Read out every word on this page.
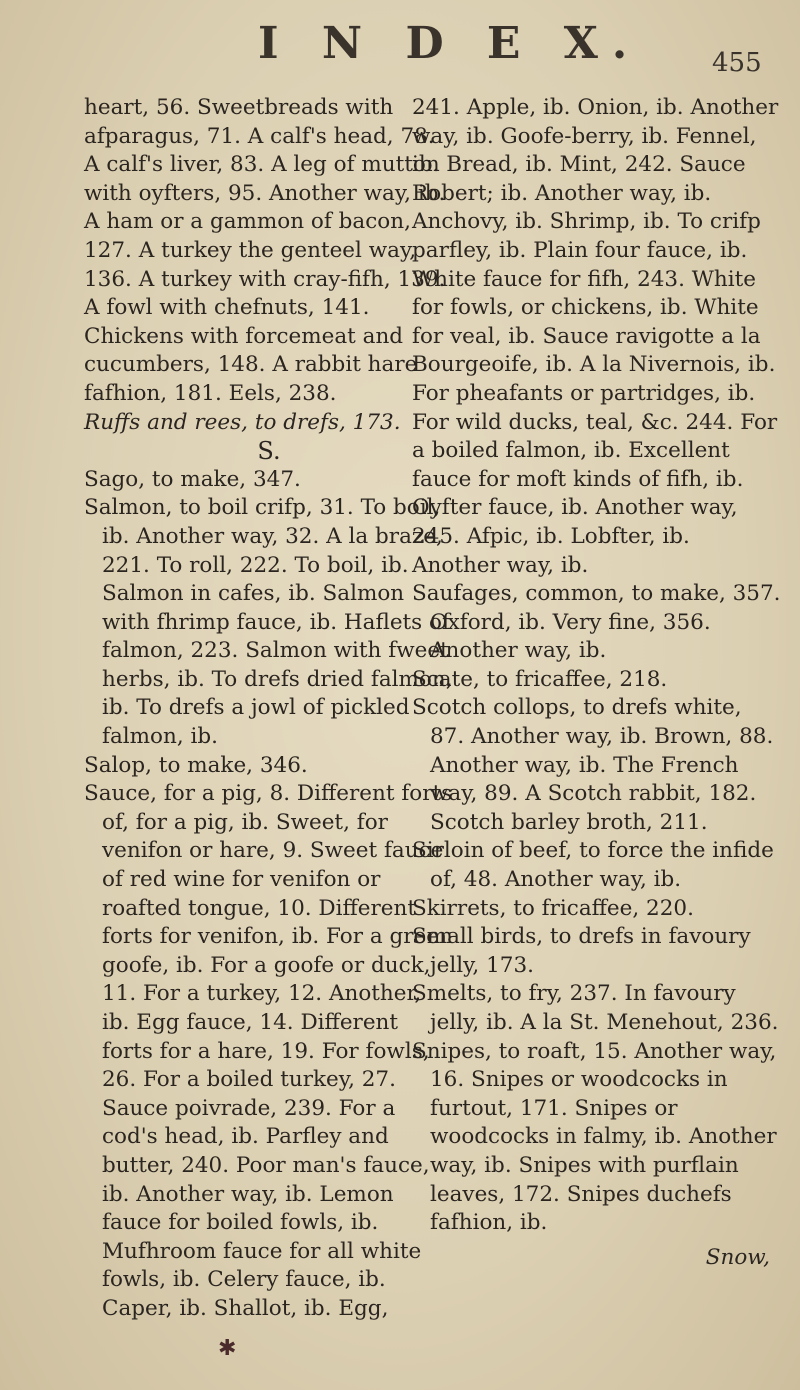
I N D E X.	455

heart, 56. Sweetbreads with afparagus, 71. A calf's head, 78. A calf's liver, 83. A leg of mutton with oyfters, 95. Another way, ib. A ham or a gammon of bacon, 127. A turkey the genteel way, 136. A turkey with cray-fifh, 139. A fowl with chefnuts, 141. Chickens with forcemeat and cucumbers, 148. A rabbit hare fafhion, 181. Eels, 238.

Ruffs and rees, to drefs, 173.

S.

Sago, to make, 347.

Salmon, to boil crifp, 31. To boil, ib. Another way, 32. A la braze, 221. To roll, 222. To boil, ib. Salmon in cafes, ib. Salmon with fhrimp fauce, ib. Haflets of falmon, 223. Salmon with fweet herbs, ib. To drefs dried falmon, ib. To drefs a jowl of pickled falmon, ib.

Salop, to make, 346.

Sauce, for a pig, 8. Different forts of, for a pig, ib. Sweet, for venifon or hare, 9. Sweet fauce of red wine for venifon or roafted tongue, 10. Different forts for venifon, ib. For a green goofe, ib. For a goofe or duck, 11. For a turkey, 12. Another, ib. Egg fauce, 14. Different forts for a hare, 19. For fowls, 26. For a boiled turkey, 27. Sauce poivrade, 239. For a cod's head, ib. Parfley and butter, 240. Poor man's fauce, ib. Another way, ib. Lemon fauce for boiled fowls, ib. Mufhroom fauce for all white fowls, ib. Celery fauce, ib. Caper, ib. Shallot, ib. Egg,

241. Apple, ib. Onion, ib. Another way, ib. Goofe-berry, ib. Fennel, ib. Bread, ib. Mint, 242. Sauce Robert; ib. Another way, ib. Anchovy, ib. Shrimp, ib. To crifp parfley, ib. Plain four fauce, ib. White fauce for fifh, 243. White for fowls, or chickens, ib. White for veal, ib. Sauce ravigotte a la Bourgeoife, ib. A la Nivernois, ib. For pheafants or partridges, ib. For wild ducks, teal, &c. 244. For a boiled falmon, ib. Excellent fauce for moft kinds of fifh, ib. Oyfter fauce, ib. Another way, 245. Afpic, ib. Lobfter, ib. Another way, ib.

Saufages, common, to make, 357. Oxford, ib. Very fine, 356. Another way, ib.

Scate, to fricaffee, 218.

Scotch collops, to drefs white, 87. Another way, ib. Brown, 88. Another way, ib. The French way, 89. A Scotch rabbit, 182. Scotch barley broth, 211.

Sirloin of beef, to force the infide of, 48. Another way, ib.

Skirrets, to fricaffee, 220.

Small birds, to drefs in favoury jelly, 173.

Smelts, to fry, 237. In favoury jelly, ib. A la St. Menehout, 236.

Snipes, to roaft, 15. Another way, 16. Snipes or woodcocks in furtout, 171. Snipes or woodcocks in falmy, ib. Another way, ib. Snipes with purflain leaves, 172. Snipes duchefs fafhion, ib.

Snow,

✱
